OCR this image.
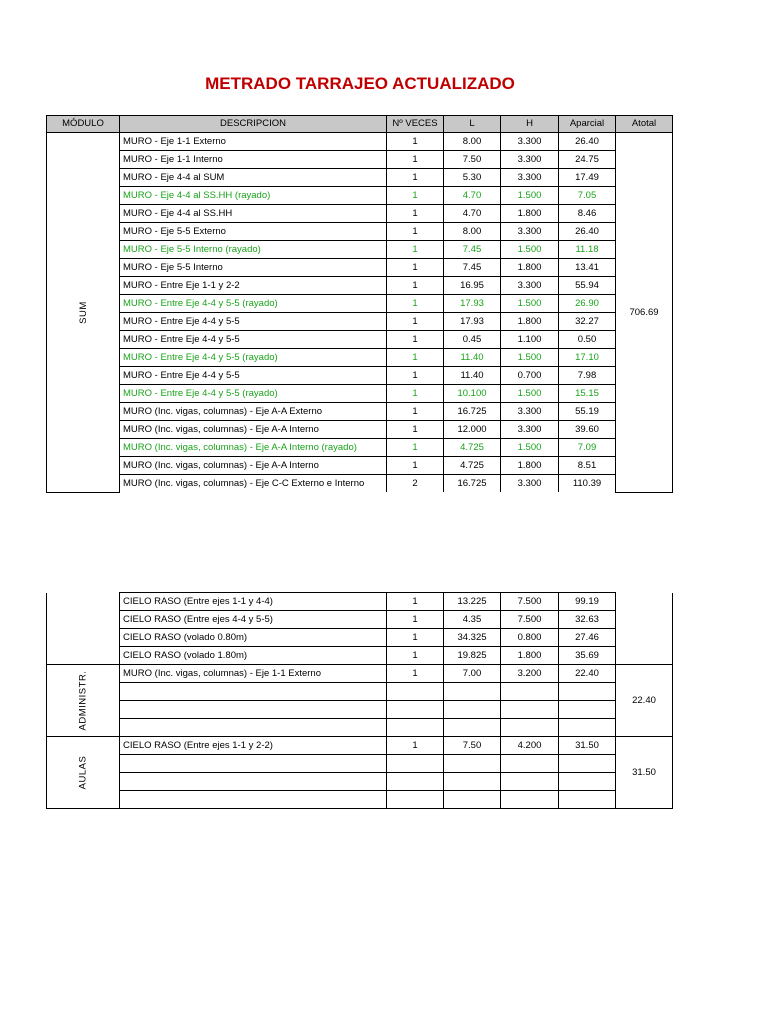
METRADO TARRAJEO ACTUALIZADO
MÓDULO	DESCRIPCION	Nº VECES	L	H	Aparcial	Atotal
SUM	MURO - Eje 1-1 Externo	1	8.00	3.300	26.40	706.69
	MURO - Eje 1-1 Interno	1	7.50	3.300	24.75	
	MURO - Eje 4-4 al SUM	1	5.30	3.300	17.49	
	MURO - Eje 4-4 al SS.HH (rayado)	1	4.70	1.500	7.05	
	MURO - Eje 4-4 al SS.HH	1	4.70	1.800	8.46	
	MURO - Eje 5-5 Externo	1	8.00	3.300	26.40	
	MURO - Eje 5-5 Interno (rayado)	1	7.45	1.500	11.18	
	MURO - Eje 5-5 Interno	1	7.45	1.800	13.41	
	MURO - Entre Eje 1-1 y 2-2	1	16.95	3.300	55.94	
	MURO - Entre Eje 4-4 y 5-5 (rayado)	1	17.93	1.500	26.90	
	MURO - Entre Eje 4-4 y 5-5	1	17.93	1.800	32.27	
	MURO - Entre Eje 4-4 y 5-5	1	0.45	1.100	0.50	
	MURO - Entre Eje 4-4 y 5-5 (rayado)	1	11.40	1.500	17.10	
	MURO - Entre Eje 4-4 y 5-5	1	11.40	0.700	7.98	
	MURO - Entre Eje 4-4 y 5-5 (rayado)	1	10.100	1.500	15.15	
	MURO (Inc. vigas, columnas) - Eje A-A Externo	1	16.725	3.300	55.19	
	MURO (Inc. vigas, columnas) - Eje A-A Interno	1	12.000	3.300	39.60	
	MURO (Inc. vigas, columnas) - Eje A-A Interno (rayado)	1	4.725	1.500	7.09	
	MURO (Inc. vigas, columnas) - Eje A-A Interno	1	4.725	1.800	8.51	
	MURO (Inc. vigas, columnas) - Eje C-C Externo e Interno	2	16.725	3.300	110.39	
	CIELO RASO (Entre ejes 1-1 y 4-4)	1	13.225	7.500	99.19	
	CIELO RASO (Entre ejes 4-4 y 5-5)	1	4.35	7.500	32.63	
	CIELO RASO (volado 0.80m)	1	34.325	0.800	27.46	
	CIELO RASO (volado 1.80m)	1	19.825	1.800	35.69	
ADMINISTR.	MURO (Inc. vigas, columnas) - Eje 1-1 Externo	1	7.00	3.200	22.40	22.40

AULAS	CIELO RASO (Entre ejes 1-1 y 2-2)	1	7.50	4.200	31.50	31.50
